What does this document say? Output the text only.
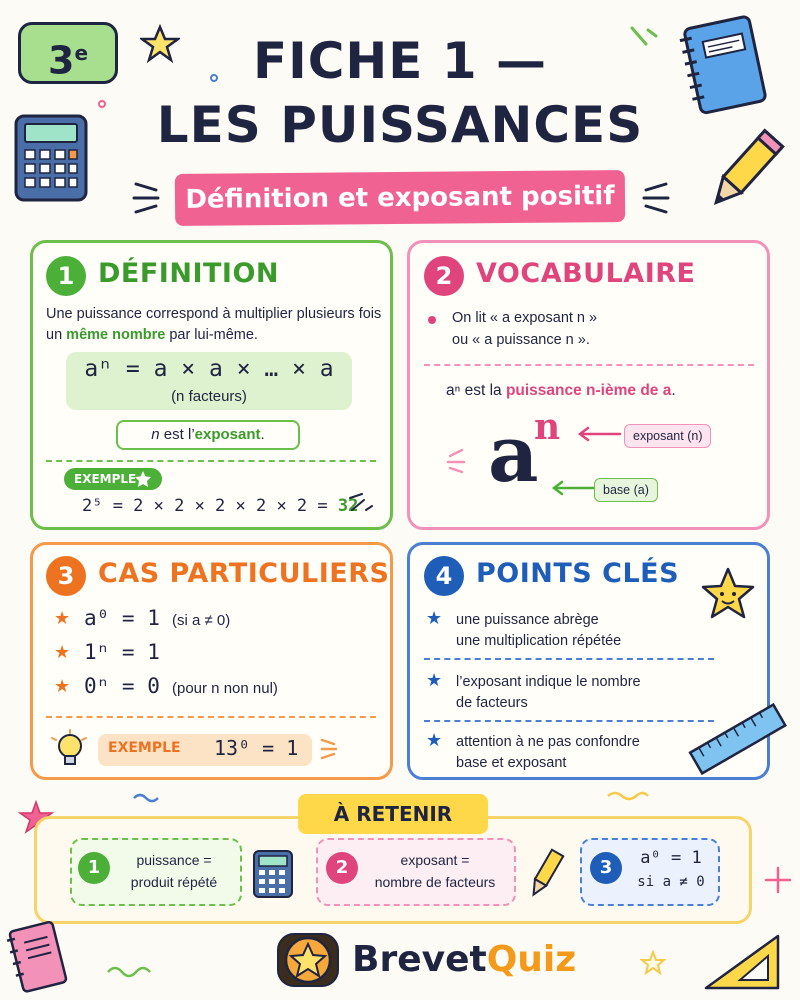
3e	FICHE 1 —
LES PUISSANCES
Définition et exposant positif
1 DÉFINITION
Une puissance correspond à multiplier plusieurs fois un même nombre par lui-même.
aⁿ = a × a × … × a
(n facteurs)
n est l’exposant.
EXEMPLE
2⁵ = 2 × 2 × 2 × 2 × 2 = 32
2 VOCABULAIRE
On lit « a exposant n »
ou « a puissance n ».
aⁿ est la puissance n-ième de a.
a
n	exposant (n)
base (a)
3 CAS PARTICULIERS
★ a⁰ = 1 (si a ≠ 0)
★ 1ⁿ = 1
★ 0ⁿ = 0 (pour n non nul)
EXEMPLE 13⁰ = 1
4 POINTS CLÉS
★ une puissance abrège
une multiplication répétée
★ l’exposant indique le nombre
de facteurs
★ attention à ne pas confondre
base et exposant
À RETENIR
1	puissance =
produit répété
2	exposant =
nombre de facteurs
3	a⁰ = 1
si a ≠ 0
BrevetQuiz
